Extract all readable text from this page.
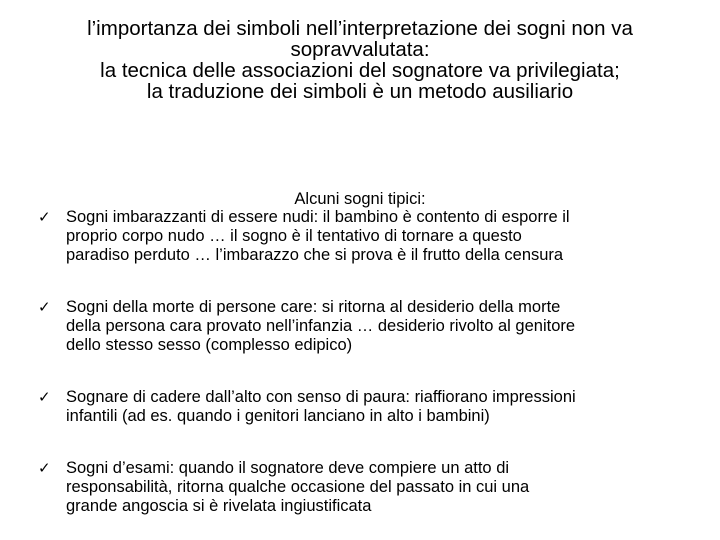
l’importanza dei simboli nell’interpretazione dei sogni non va
sopravvalutata:
la tecnica delle associazioni del sognatore va privilegiata;
la traduzione dei simboli è un metodo ausiliario
Alcuni sogni tipici:
✓ Sogni imbarazzanti di essere nudi: il bambino è contento di esporre il
proprio corpo nudo … il sogno è il tentativo di tornare a questo
paradiso perduto … l’imbarazzo che si prova è il frutto della censura
✓ Sogni della morte di persone care: si ritorna al desiderio della morte
della persona cara provato nell’infanzia … desiderio rivolto al genitore
dello stesso sesso (complesso edipico)
✓ Sognare di cadere dall’alto con senso di paura: riaffiorano impressioni
infantili (ad es. quando i genitori lanciano in alto i bambini)
✓ Sogni d’esami: quando il sognatore deve compiere un atto di
responsabilità, ritorna qualche occasione del passato in cui una
grande angoscia si è rivelata ingiustificata
